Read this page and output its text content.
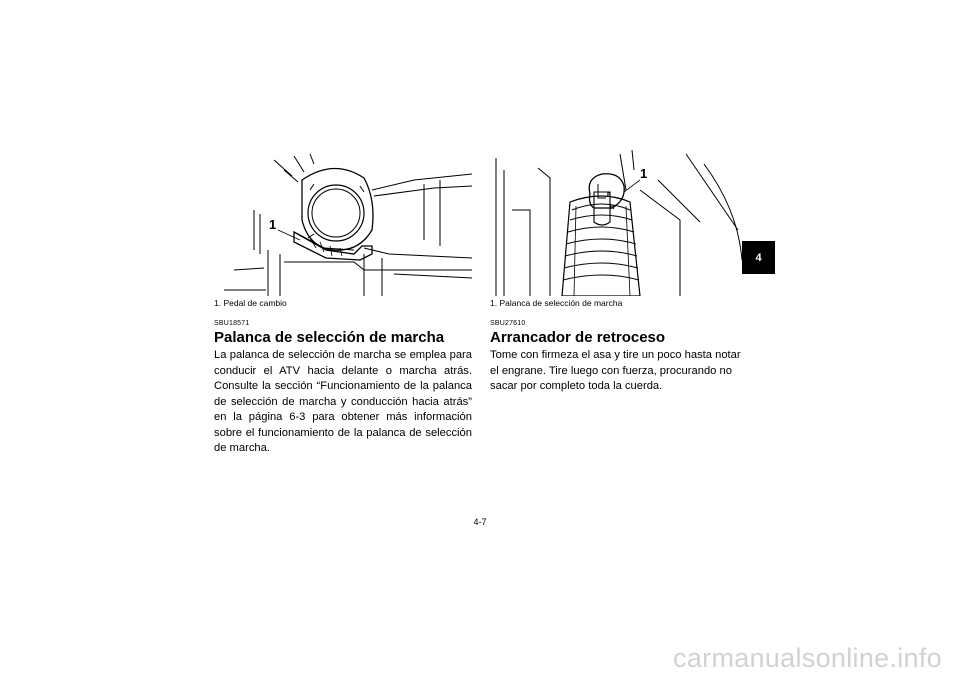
1
1. Pedal de cambio
1
F
R
1. Palanca de selección de marcha
SBU18571
Palanca de selección de marcha

La palanca de selección de marcha se emplea para conducir el ATV hacia delante o marcha atrás. Consulte la sección “Funcionamiento de la palanca de selección de marcha y conducción hacia atrás” en la página 6-3 para obtener más información sobre el funcionamiento de la palanca de selección de marcha.

SBU27610
Arrancador de retroceso

Tome con firmeza el asa y tire un poco hasta notar el engrane. Tire luego con fuerza, procurando no sacar por completo toda la cuerda.

4
4-7
carmanualsonline.info
